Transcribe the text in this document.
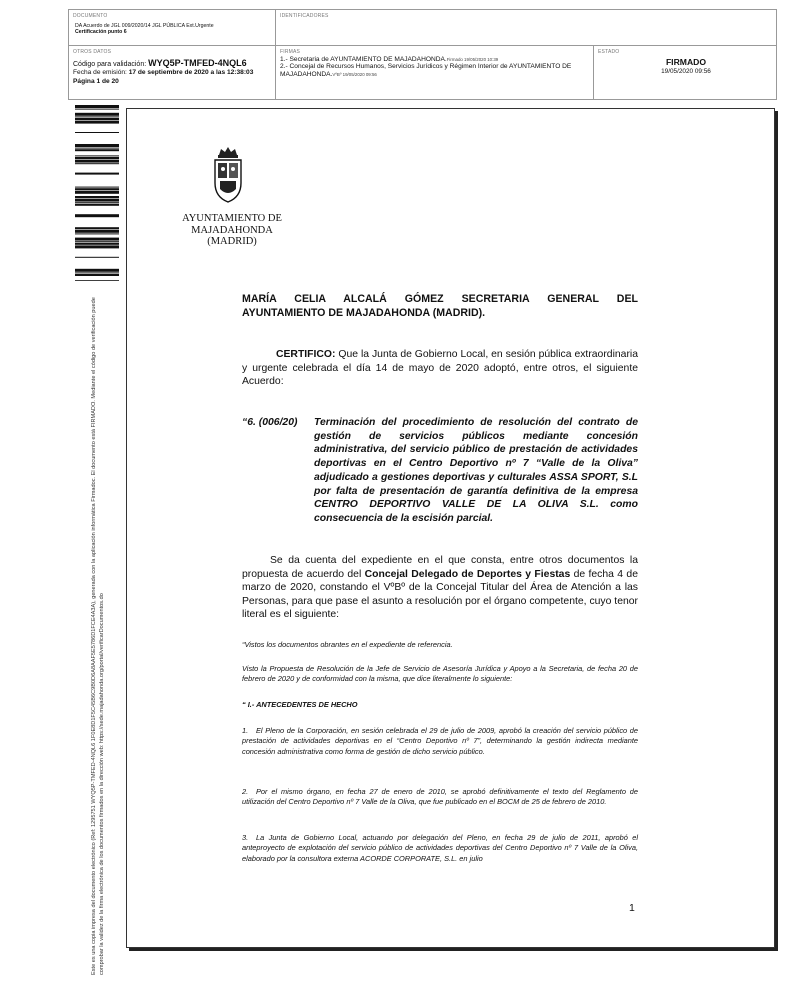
DOCUMENTO
DA Acuerdo de JGL 009/2020/14 JGL PÚBLICA Ext.Urgente
Certificación punto 6
IDENTIFICADORES
OTROS DATOS
Código para validación: WYQ5P-TMFED-4NQL6
Fecha de emisión: 17 de septiembre de 2020 a las 12:38:03
Página 1 de 20
FIRMAS
1.- Secretaria de AYUNTAMIENTO DE MAJADAHONDA.Firmado 19/05/2020 10:39
2.- Concejal de Recursos Humanos, Servicios Jurídicos y Régimen Interior de AYUNTAMIENTO DE MAJADAHONDA.VºBº 19/05/2020 09:56
ESTADO
FIRMADO
19/05/2020 09:56
Este es una copia impresa del documento electrónico (Ref: 1295751 WYQ5P-TMFED-4NQL6 1F0E8D1F5C45B6C9B0D6A8AAF5E5786D1FCE4A3A), generada con la aplicación informática Firmadoc. El documento está FIRMADO. Mediante el código de verificación puede comprobar la validez de la firma electrónica de los documentos firmados en la dirección web: https://sede.majadahonda.org/portal/verificarDocumentos.do
AYUNTAMIENTO DE
MAJADAHONDA
(MADRID)
MARÍA CELIA ALCALÁ GÓMEZ SECRETARIA GENERAL DEL
AYUNTAMIENTO DE MAJADAHONDA (MADRID).
CERTIFICO: Que la Junta de Gobierno Local, en sesión pública extraordinaria y urgente celebrada el día 14 de mayo de 2020 adoptó, entre otros, el siguiente Acuerdo:
“6. (006/20) Terminación del procedimiento de resolución del contrato de gestión de servicios públicos mediante concesión administrativa, del servicio público de prestación de actividades deportivas en el Centro Deportivo nº 7 “Valle de la Oliva” adjudicado a gestiones deportivas y culturales ASSA SPORT, S.L por falta de presentación de garantía definitiva de la empresa CENTRO DEPORTIVO VALLE DE LA OLIVA S.L. como consecuencia de la escisión parcial.
Se da cuenta del expediente en el que consta, entre otros documentos la propuesta de acuerdo del Concejal Delegado de Deportes y Fiestas de fecha 4 de marzo de 2020, constando el VºBº de la Concejal Titular del Área de Atención a las Personas, para que pase el asunto a resolución por el órgano competente, cuyo tenor literal es el siguiente:
“Vistos los documentos obrantes en el expediente de referencia.
Visto la Propuesta de Resolución de la Jefe de Servicio de Asesoría Jurídica y Apoyo a la Secretaria, de fecha 20 de febrero de 2020 y de conformidad con la misma, que dice literalmente lo siguiente:
“ I.- ANTECEDENTES DE HECHO
1. El Pleno de la Corporación, en sesión celebrada el 29 de julio de 2009, aprobó la creación del servicio público de prestación de actividades deportivas en el “Centro Deportivo nº 7”, determinando la gestión indirecta mediante concesión administrativa como forma de gestión de dicho servicio público.
2. Por el mismo órgano, en fecha 27 de enero de 2010, se aprobó definitivamente el texto del Reglamento de utilización del Centro Deportivo nº 7 Valle de la Oliva, que fue publicado en el BOCM de 25 de febrero de 2010.
3. La Junta de Gobierno Local, actuando por delegación del Pleno, en fecha 29 de julio de 2011, aprobó el anteproyecto de explotación del servicio público de actividades deportivas del Centro Deportivo nº 7 Valle de la Oliva, elaborado por la consultora externa ACORDE CORPORATE, S.L. en julio
1
